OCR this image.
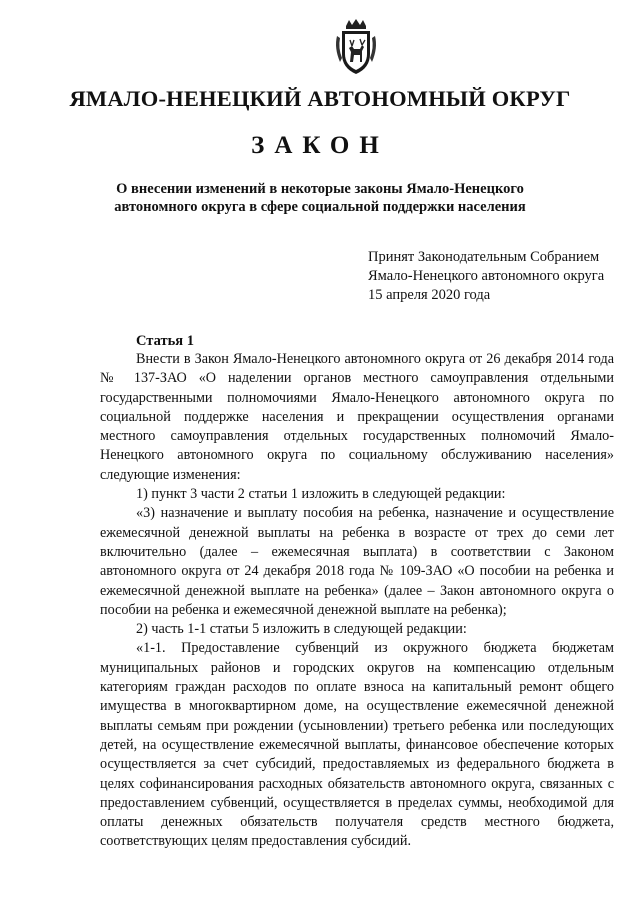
ЯМАЛО-НЕНЕЦКИЙ АВТОНОМНЫЙ ОКРУГ
ЗАКОН
О внесении изменений в некоторые законы Ямало-Ненецкого автономного округа в сфере социальной поддержки населения
Принят Законодательным Собранием
Ямало-Ненецкого автономного округа
15 апреля 2020 года
Статья 1

Внести в Закон Ямало-Ненецкого автономного округа от 26 декабря 2014 года № 137-ЗАО «О наделении органов местного самоуправления отдельными государственными полномочиями Ямало-Ненецкого автономного округа по социальной поддержке населения и прекращении осуществления органами местного самоуправления отдельных государственных полномочий Ямало-Ненецкого автономного округа по социальному обслуживанию населения» следующие изменения:

1) пункт 3 части 2 статьи 1 изложить в следующей редакции:

«3) назначение и выплату пособия на ребенка, назначение и осуществление ежемесячной денежной выплаты на ребенка в возрасте от трех до семи лет включительно (далее – ежемесячная выплата) в соответствии с Законом автономного округа от 24 декабря 2018 года № 109-ЗАО «О пособии на ребенка и ежемесячной денежной выплате на ребенка» (далее – Закон автономного округа о пособии на ребенка и ежемесячной денежной выплате на ребенка);

2) часть 1-1 статьи 5 изложить в следующей редакции:

«1-1. Предоставление субвенций из окружного бюджета бюджетам муниципальных районов и городских округов на компенсацию отдельным категориям граждан расходов по оплате взноса на капитальный ремонт общего имущества в многоквартирном доме, на осуществление ежемесячной денежной выплаты семьям при рождении (усыновлении) третьего ребенка или последующих детей, на осуществление ежемесячной выплаты, финансовое обеспечение которых осуществляется за счет субсидий, предоставляемых из федерального бюджета в целях софинансирования расходных обязательств автономного округа, связанных с предоставлением субвенций, осуществляется в пределах суммы, необходимой для оплаты денежных обязательств получателя средств местного бюджета, соответствующих целям предоставления субсидий.
